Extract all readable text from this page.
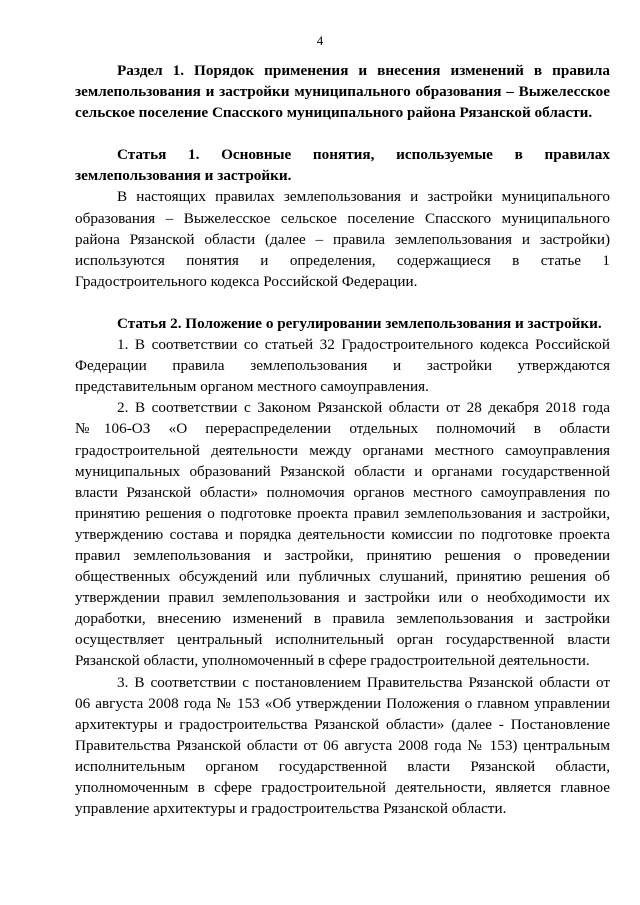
4

Раздел 1. Порядок применения и внесения изменений в правила землепользования и застройки муниципального образования – Выжелесское сельское поселение Спасского муниципального района Рязанской области.

Статья 1. Основные понятия, используемые в правилах землепользования и застройки.

В настоящих правилах землепользования и застройки муниципального образования – Выжелесское сельское поселение Спасского муниципального района Рязанской области (далее – правила землепользования и застройки) используются понятия и определения, содержащиеся в статье 1 Градостроительного кодекса Российской Федерации.

Статья 2. Положение о регулировании землепользования и застройки.

1. В соответствии со статьей 32 Градостроительного кодекса Российской Федерации правила землепользования и застройки утверждаются представительным органом местного самоуправления.

2. В соответствии с Законом Рязанской области от 28 декабря 2018 года №106-ОЗ «О перераспределении отдельных полномочий в области градостроительной деятельности между органами местного самоуправления муниципальных образований Рязанской области и органами государственной власти Рязанской области» полномочия органов местного самоуправления по принятию решения о подготовке проекта правил землепользования и застройки, утверждению состава и порядка деятельности комиссии по подготовке проекта правил землепользования и застройки, принятию решения о проведении общественных обсуждений или публичных слушаний, принятию решения об утверждении правил землепользования и застройки или о необходимости их доработки, внесению изменений в правила землепользования и застройки осуществляет центральный исполнительный орган государственной власти Рязанской области, уполномоченный в сфере градостроительной деятельности.

3. В соответствии с постановлением Правительства Рязанской области от 06 августа 2008 года № 153 «Об утверждении Положения о главном управлении архитектуры и градостроительства Рязанской области» (далее - Постановление Правительства Рязанской области от 06 августа 2008 года № 153) центральным исполнительным органом государственной власти Рязанской области, уполномоченным в сфере градостроительной деятельности, является главное управление архитектуры и градостроительства Рязанской области.
